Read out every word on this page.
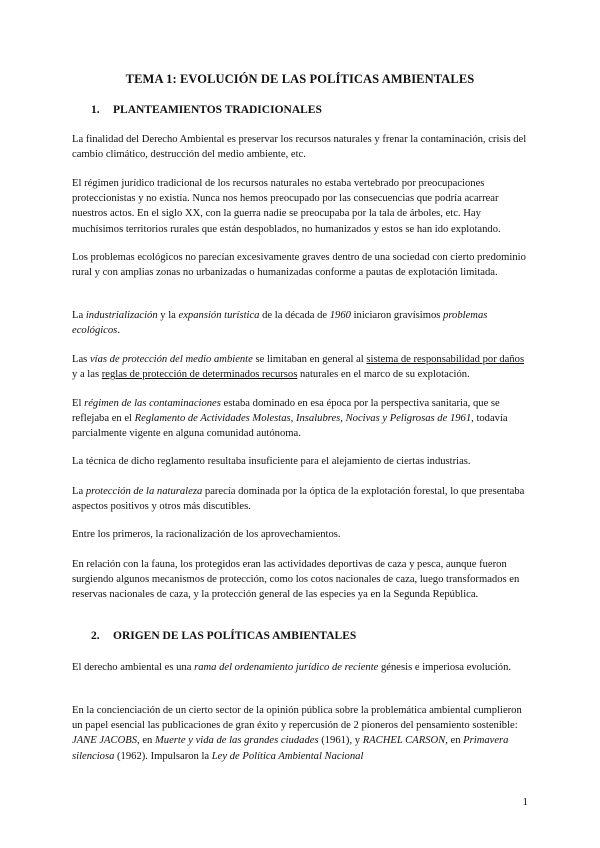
TEMA 1: EVOLUCIÓN DE LAS POLÍTICAS AMBIENTALES
1. PLANTEAMIENTOS TRADICIONALES
La finalidad del Derecho Ambiental es preservar los recursos naturales y frenar la contaminación, crisis del cambio climático, destrucción del medio ambiente, etc.
El régimen jurídico tradicional de los recursos naturales no estaba vertebrado por preocupaciones proteccionistas y no existía. Nunca nos hemos preocupado por las consecuencias que podría acarrear nuestros actos. En el siglo XX, con la guerra nadie se preocupaba por la tala de árboles, etc. Hay muchísimos territorios rurales que están despoblados, no humanizados y estos se han ido explotando.
Los problemas ecológicos no parecían excesivamente graves dentro de una sociedad con cierto predominio rural y con amplias zonas no urbanizadas o humanizadas conforme a pautas de explotación limitada.
La industrialización y la expansión turística de la década de 1960 iniciaron gravísimos problemas ecológicos.
Las vías de protección del medio ambiente se limitaban en general al sistema de responsabilidad por daños y a las reglas de protección de determinados recursos naturales en el marco de su explotación.
El régimen de las contaminaciones estaba dominado en esa época por la perspectiva sanitaria, que se reflejaba en el Reglamento de Actividades Molestas, Insalubres, Nocivas y Peligrosas de 1961, todavía parcialmente vigente en alguna comunidad autónoma.
La técnica de dicho reglamento resultaba insuficiente para el alejamiento de ciertas industrias.
La protección de la naturaleza parecía dominada por la óptica de la explotación forestal, lo que presentaba aspectos positivos y otros más discutibles.
Entre los primeros, la racionalización de los aprovechamientos.
En relación con la fauna, los protegidos eran las actividades deportivas de caza y pesca, aunque fueron surgiendo algunos mecanismos de protección, como los cotos nacionales de caza, luego transformados en reservas nacionales de caza, y la protección general de las especies ya en la Segunda República.
2. ORIGEN DE LAS POLÍTICAS AMBIENTALES
El derecho ambiental es una rama del ordenamiento jurídico de reciente génesis e imperiosa evolución.
En la concienciación de un cierto sector de la opinión pública sobre la problemática ambiental cumplieron un papel esencial las publicaciones de gran éxito y repercusión de 2 pioneros del pensamiento sostenible: JANE JACOBS, en Muerte y vida de las grandes ciudades (1961), y RACHEL CARSON, en Primavera silenciosa (1962). Impulsaron la Ley de Política Ambiental Nacional
1
